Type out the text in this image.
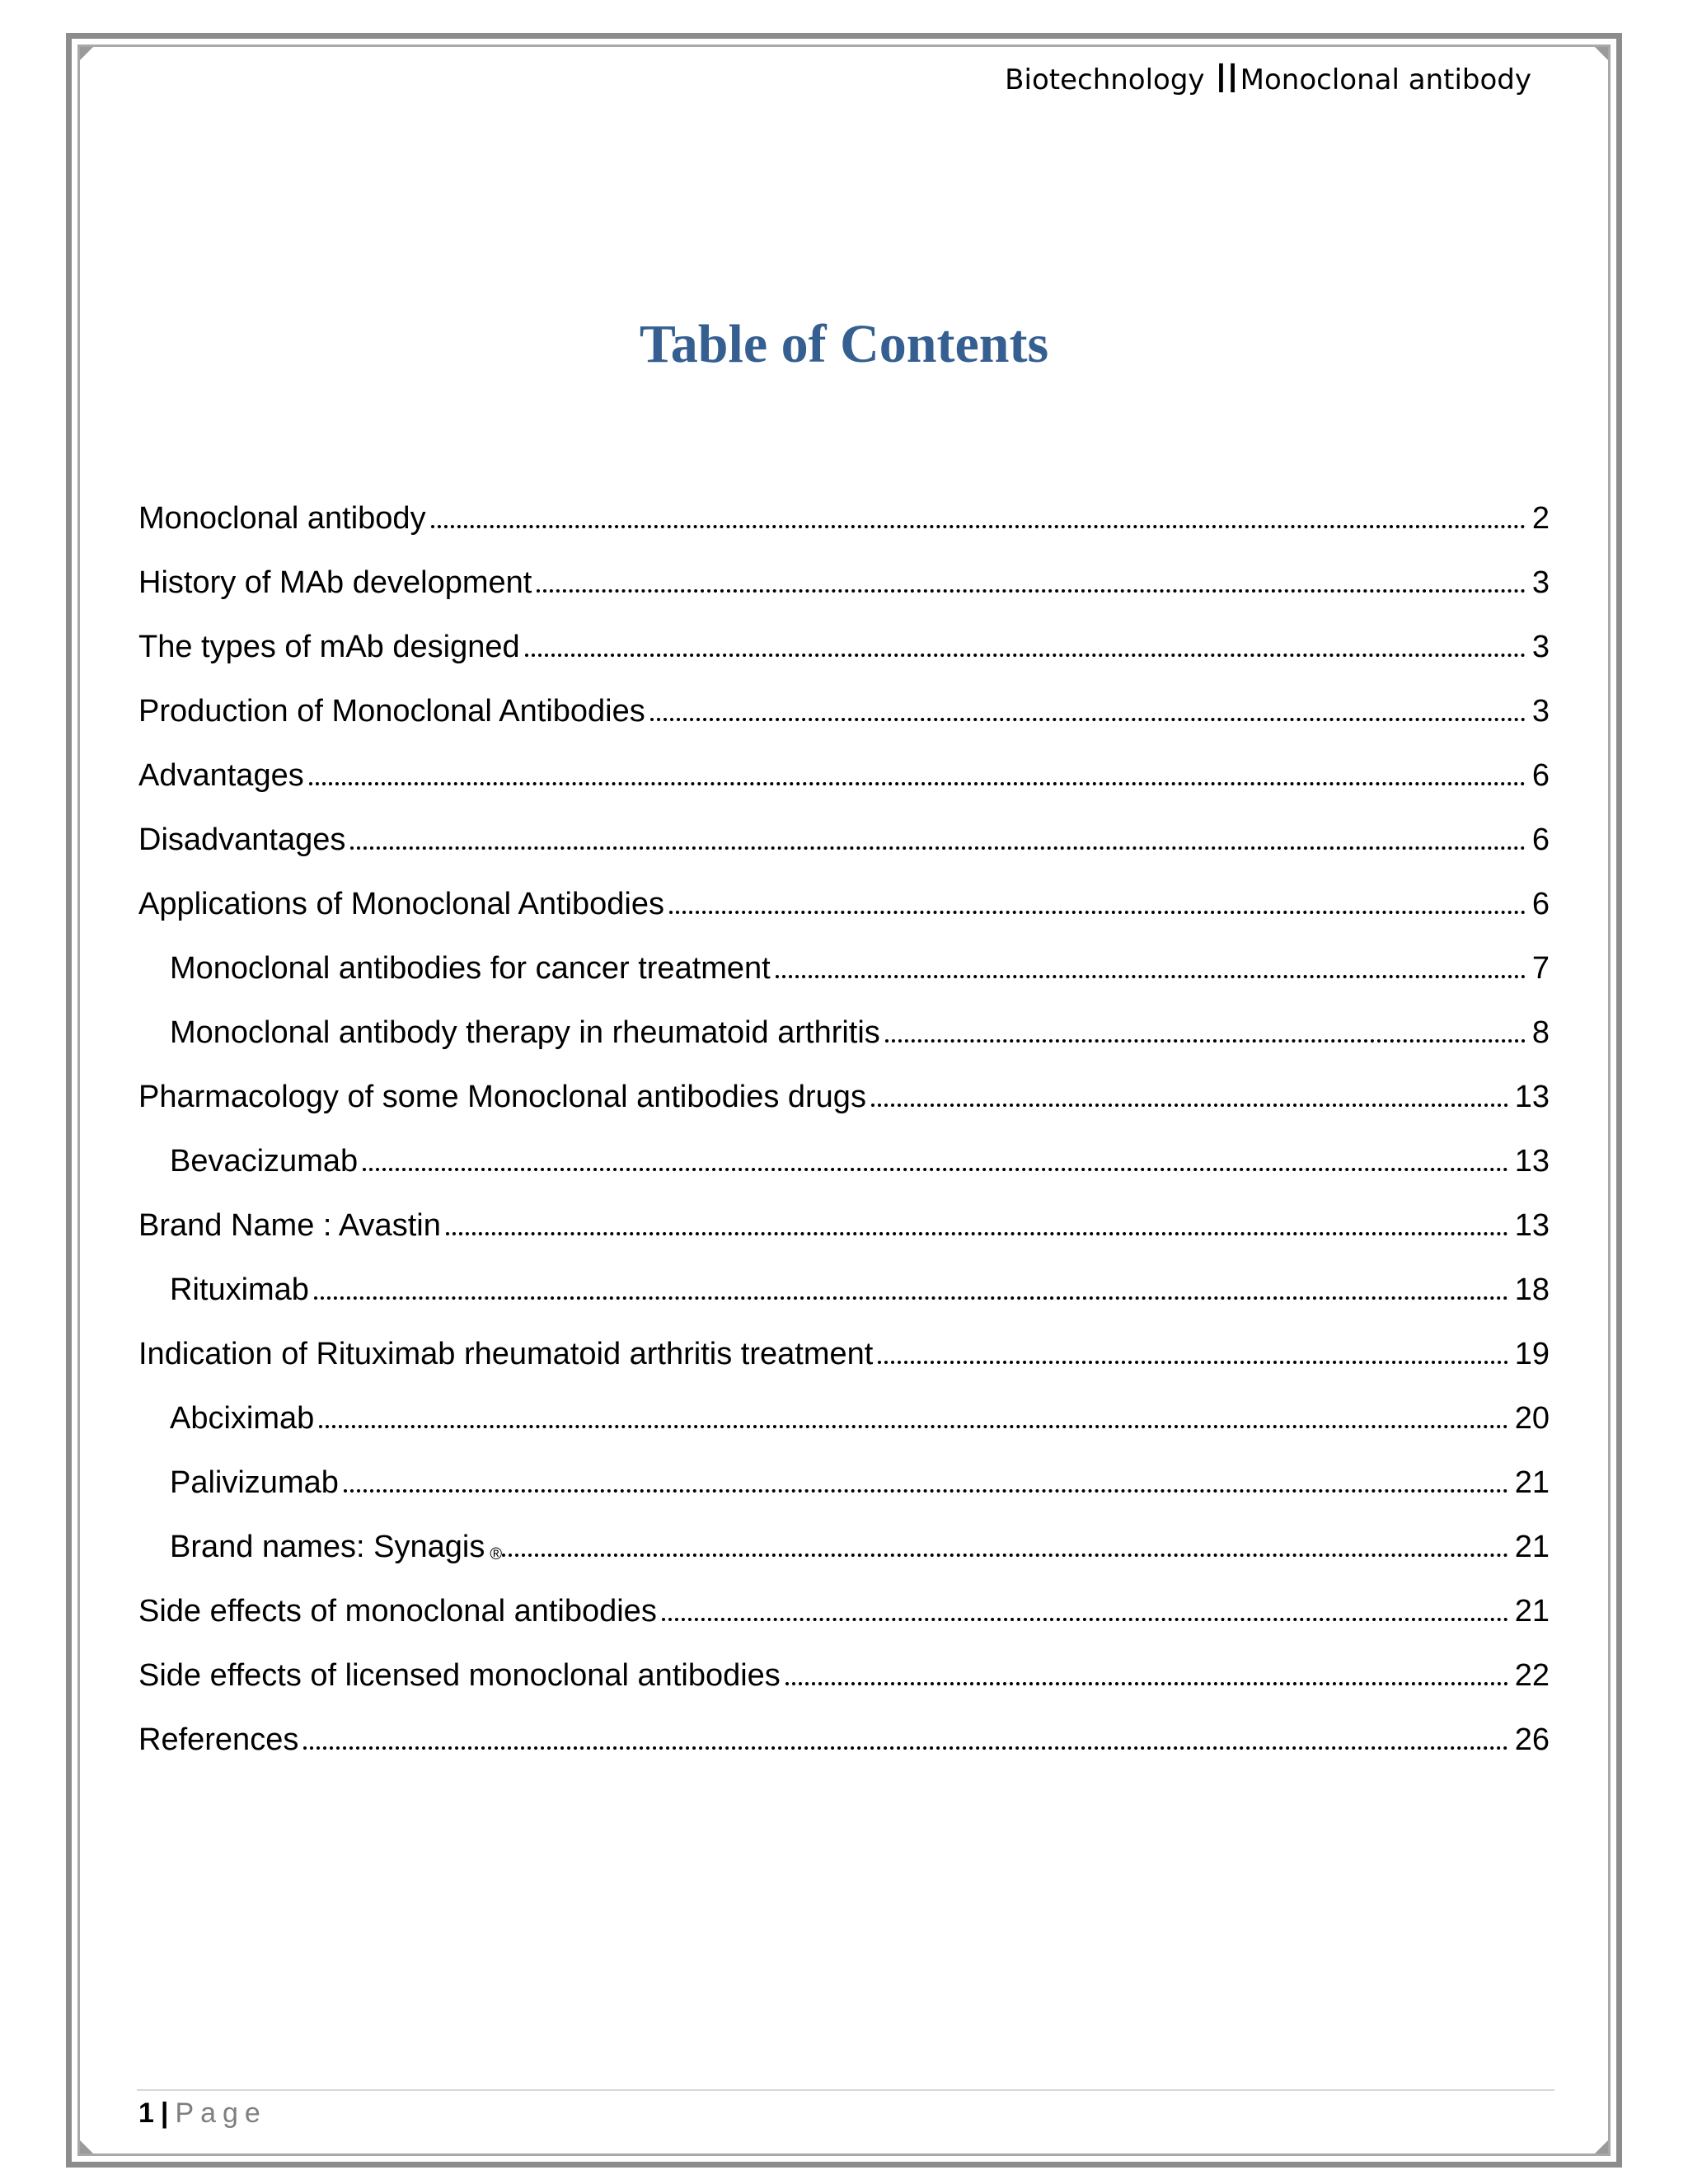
Biotechnology IIMonoclonal antibody
Table of Contents
Monoclonal antibody	2
History of MAb development	3
The types of mAb designed	3
Production of Monoclonal Antibodies	3
Advantages	6
Disadvantages	6
Applications of Monoclonal Antibodies	6
Monoclonal antibodies for cancer treatment	7
Monoclonal antibody therapy in rheumatoid arthritis	8
Pharmacology of some Monoclonal antibodies drugs	13
Bevacizumab	13
Brand Name : Avastin	13
Rituximab	18
Indication of Rituximab rheumatoid arthritis treatment	19
Abciximab	20
Palivizumab	21
Brand names: Synagis $_®$	21
Side effects of monoclonal antibodies	21
Side effects of licensed monoclonal antibodies	22
References	26
1 | Page
